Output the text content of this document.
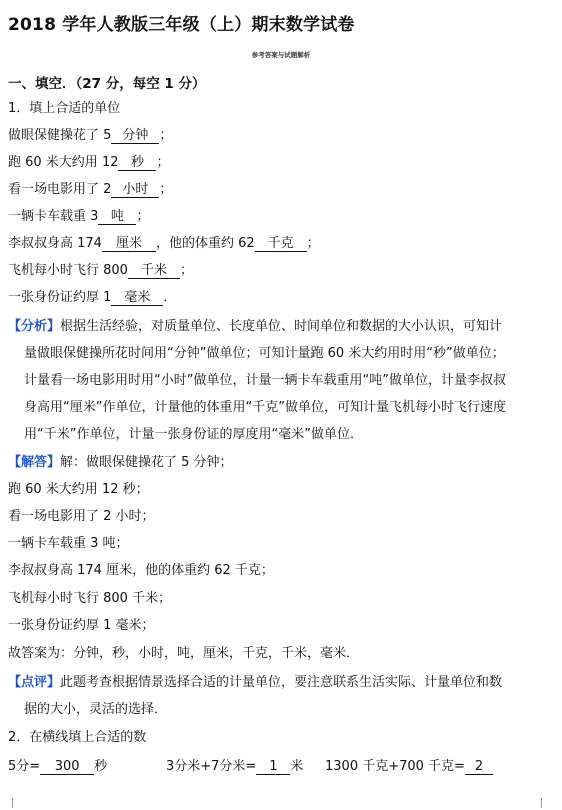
2018 学年人教版三年级（上）期末数学试卷
参考答案与试题解析
一、填空．（27 分，每空 1 分）
1．填上合适的单位
做眼保健操花了 5 分钟 ；
跑 60 米大约用 12 秒 ；
看一场电影用了 2 小时 ；
一辆卡车载重 3 吨 ；
李叔叔身高 174 厘米 ，他的体重约 62 千克 ；
飞机每小时飞行 800 千米 ；
一张身份证约厚 1 毫米 ．
【分析】根据生活经验，对质量单位、长度单位、时间单位和数据的大小认识，可知计
量做眼保健操所花时间用“分钟”做单位；可知计量跑 60 米大约用时用“秒”做单位；
计量看一场电影用时用“小时”做单位，计量一辆卡车载重用“吨”做单位，计量李叔叔
身高用“厘米”作单位，计量他的体重用“千克”做单位，可知计量飞机每小时飞行速度
用“千米”作单位，计量一张身份证的厚度用“毫米”做单位．
【解答】解：做眼保健操花了 5 分钟；
跑 60 米大约用 12 秒；
看一场电影用了 2 小时；
一辆卡车载重 3 吨；
李叔叔身高 174 厘米，他的体重约 62 千克；
飞机每小时飞行 800 千米；
一张身份证约厚 1 毫米；
故答案为：分钟，秒，小时，吨，厘米，千克，千米，毫米．
【点评】此题考查根据情景选择合适的计量单位，要注意联系生活实际、计量单位和数
据的大小，灵活的选择．
2．在横线填上合适的数
5分= 300 秒	3分米+7分米= 1 米 1300 千克+700 千克= 2
